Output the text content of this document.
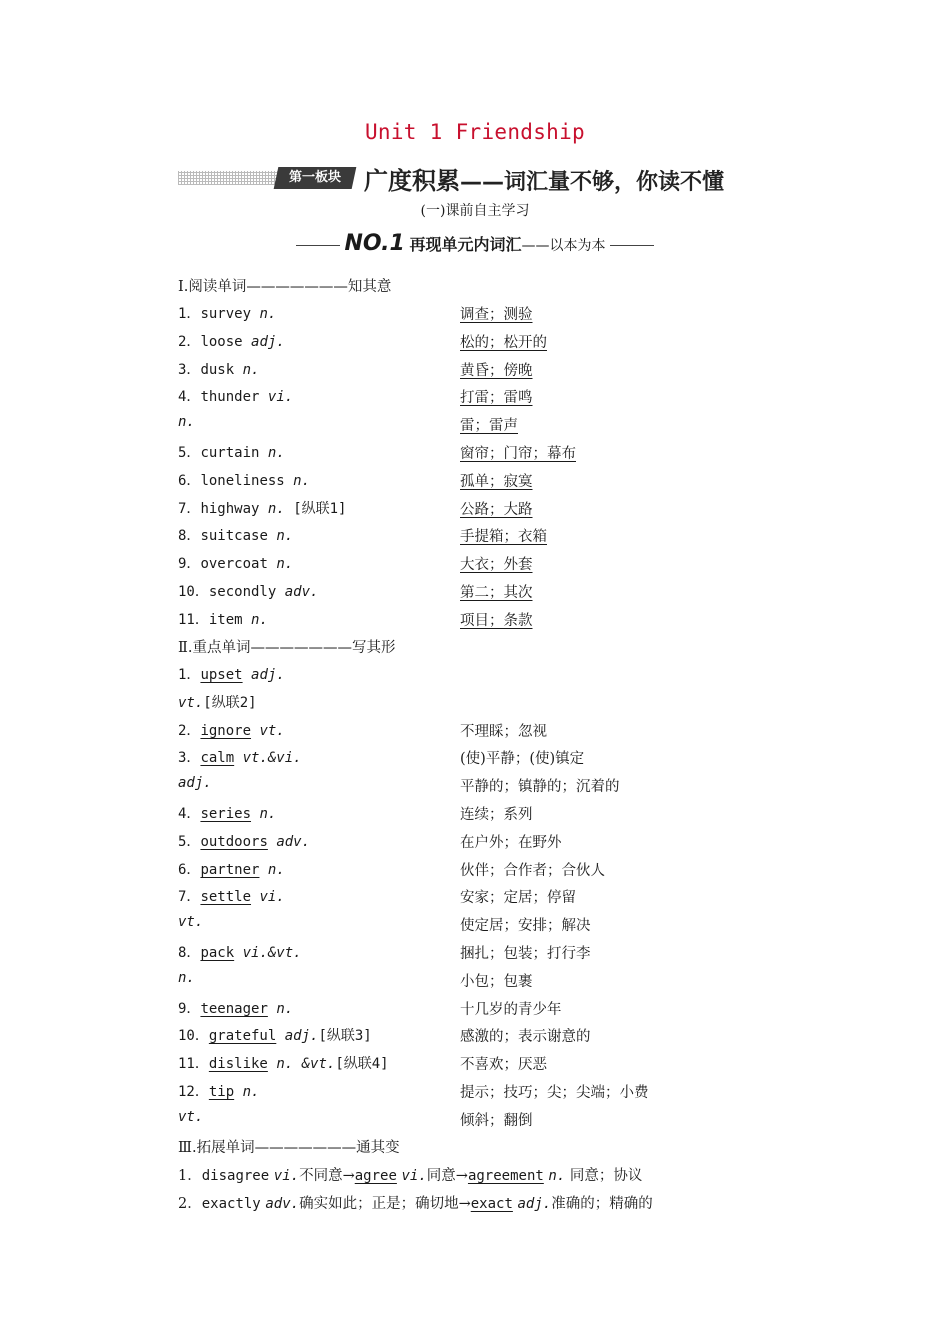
Unit 1 Friendship
第一板块 广度积累——词汇量不够，你读不懂
(一)课前自主学习
NO.1 再现单元内词汇——以本为本
Ⅰ.阅读单词———————知其意
1．survey n.	调查；测验
2．loose adj.	松的；松开的
3．dusk n.	黄昏；傍晚
4．thunder vi.	打雷；雷鸣
n.	雷；雷声
5．curtain n.	窗帘；门帘；幕布
6．loneliness n.	孤单；寂寞
7．highway n. [纵联1]	公路；大路
8．suitcase n.	手提箱；衣箱
9．overcoat n.	大衣；外套
10．secondly adv.	第二；其次
11．item n.	项目；条款
Ⅱ.重点单词———————写其形
1．upset adj.
vt.[纵联2]
2．ignore vt.	不理睬；忽视
3．calm vt.&vi.	(使)平静；(使)镇定
adj.	平静的；镇静的；沉着的
4．series n.	连续；系列
5．outdoors adv.	在户外；在野外
6．partner n.	伙伴；合作者；合伙人
7．settle vi.	安家；定居；停留
vt.	使定居；安排；解决
8．pack vi.&vt.	捆扎；包装；打行李
n.	小包；包裹
9．teenager n.	十几岁的青少年
10．grateful adj.[纵联3]	感激的；表示谢意的
11．dislike n. &vt.[纵联4]	不喜欢；厌恶
12．tip n.	提示；技巧；尖；尖端；小费
vt.	倾斜；翻倒
Ⅲ.拓展单词———————通其变
1．disagree vi.不同意→agree vi.同意→agreement n. 同意；协议
2．exactly adv.确实如此；正是；确切地→exact adj.准确的；精确的
